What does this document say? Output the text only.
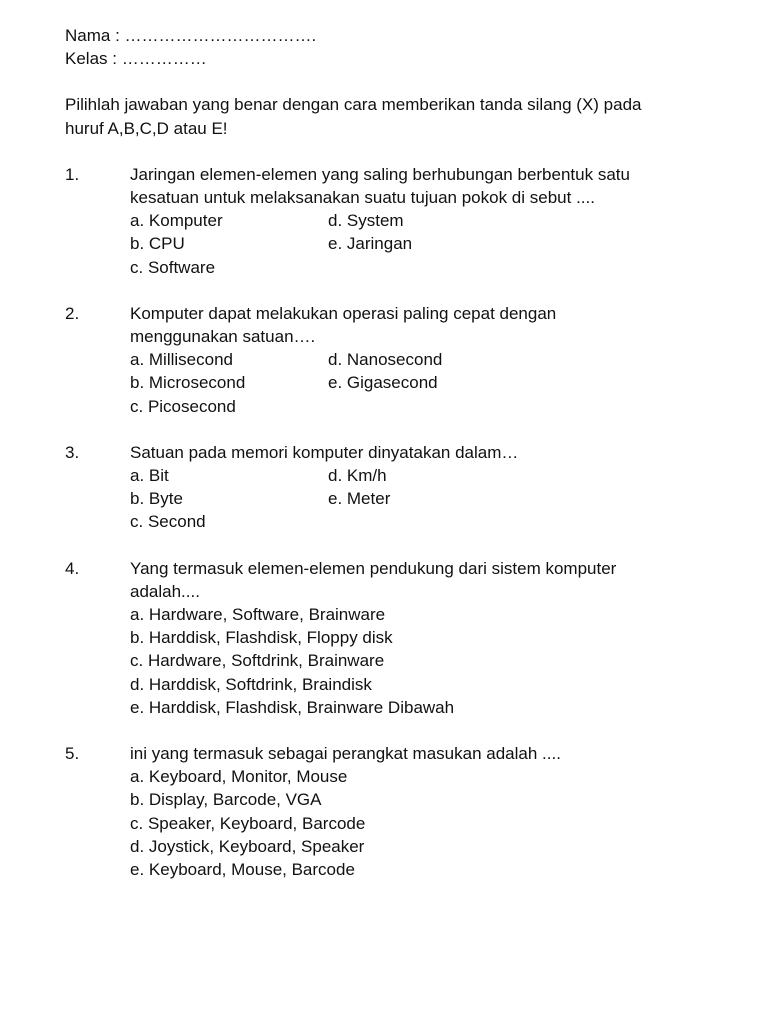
Nama : …………………………….
Kelas : ……………
Pilihlah jawaban yang benar dengan cara memberikan tanda silang (X) pada
huruf A,B,C,D atau E!
1.	Jaringan elemen-elemen yang saling berhubungan berbentuk satu
kesatuan untuk melaksanakan suatu tujuan pokok di sebut ....
a. Komputer	d. System
b. CPU	e. Jaringan
c. Software
2.	Komputer dapat melakukan operasi paling cepat dengan
menggunakan satuan….
a. Millisecond	d. Nanosecond
b. Microsecond	e. Gigasecond
c. Picosecond
3.	Satuan pada memori komputer dinyatakan dalam…
a. Bit	d. Km/h
b. Byte	e. Meter
c. Second
4.	Yang termasuk elemen-elemen pendukung dari sistem komputer
adalah....
a. Hardware, Software, Brainware
b. Harddisk, Flashdisk, Floppy disk
c. Hardware, Softdrink, Brainware
d. Harddisk, Softdrink, Braindisk
e. Harddisk, Flashdisk, Brainware Dibawah
5.	ini yang termasuk sebagai perangkat masukan adalah ....
a. Keyboard, Monitor, Mouse
b. Display, Barcode, VGA
c. Speaker, Keyboard, Barcode
d. Joystick, Keyboard, Speaker
e. Keyboard, Mouse, Barcode
